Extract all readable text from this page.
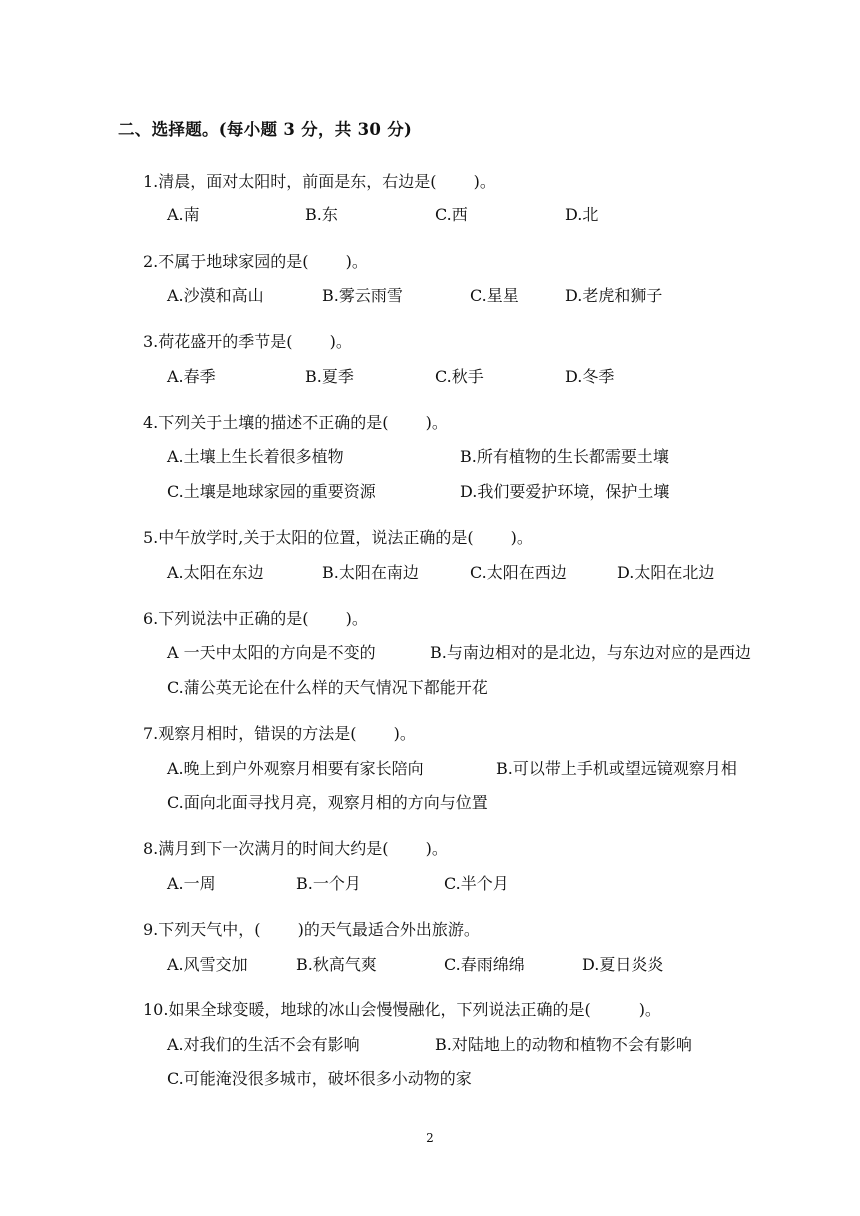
二、选择题。(每小题 3 分，共 30 分)
1.清晨，面对太阳时，前面是东，右边是(　　 )。
A.南	B.东	C.西	D.北
2.不属于地球家园的是(　　 )。
A.沙漠和高山	B.雾云雨雪	C.星星	D.老虎和狮子
3.荷花盛开的季节是(　　 )。
A.春季	B.夏季	C.秋手	D.冬季
4.下列关于土壤的描述不正确的是(　　 )。
A.土壤上生长着很多植物	B.所有植物的生长都需要土壤
C.土壤是地球家园的重要资源	D.我们要爱护环境，保护土壤
5.中午放学时,关于太阳的位置，说法正确的是(　　 )。
A.太阳在东边	B.太阳在南边	C.太阳在西边	D.太阳在北边
6.下列说法中正确的是(　　 )。
A 一天中太阳的方向是不变的	B.与南边相对的是北边，与东边对应的是西边
C.蒲公英无论在什么样的天气情况下都能开花
7.观察月相时，错误的方法是(　　 )。
A.晚上到户外观察月相要有家长陪向	B.可以带上手机或望远镜观察月相
C.面向北面寻找月亮，观察月相的方向与位置
8.满月到下一次满月的时间大约是(　　 )。
A.一周	B.一个月	C.半个月
9.下列天气中，(　　 )的天气最适合外出旅游。
A.风雪交加	B.秋高气爽	C.春雨绵绵	D.夏日炎炎
10.如果全球变暖，地球的冰山会慢慢融化，下列说法正确的是(　　　)。
A.对我们的生活不会有影响	B.对陆地上的动物和植物不会有影响
C.可能淹没很多城市，破坏很多小动物的家
2
